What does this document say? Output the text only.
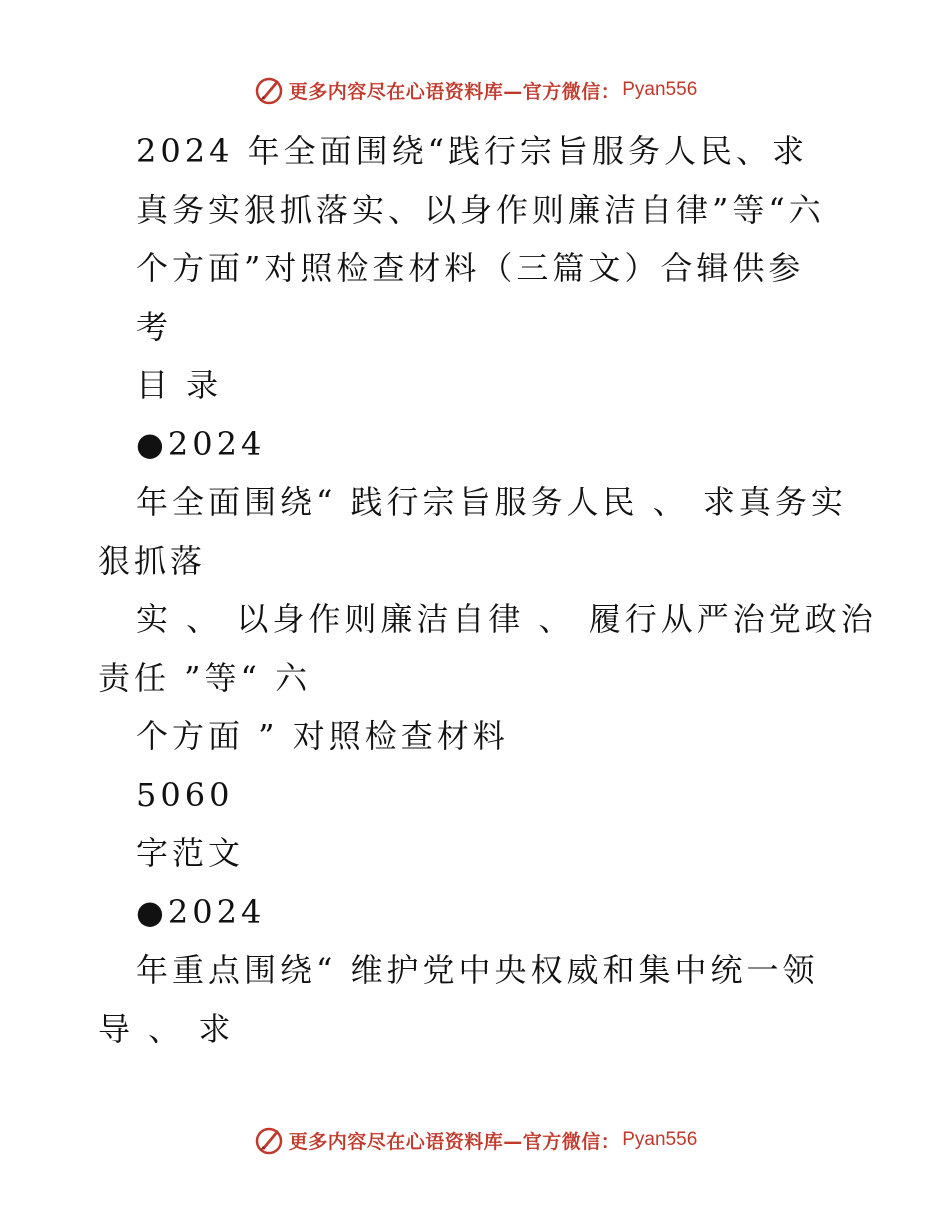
更多内容尽在心语资料库—官方微信： Pyan556
2024 年全面围绕“践行宗旨服务人民、求
真务实狠抓落实、以身作则廉洁自律”等“六
个方面”对照检查材料（三篇文）合辑供参
考
目 录
●2024
年全面围绕“ 践行宗旨服务人民 、 求真务实
狠抓落
实 、 以身作则廉洁自律 、 履行从严治党政治
责任 ”等“ 六
个方面 ” 对照检查材料
5060
字范文
●2024
年重点围绕“ 维护党中央权威和集中统一领
导 、 求
更多内容尽在心语资料库—官方微信： Pyan556
